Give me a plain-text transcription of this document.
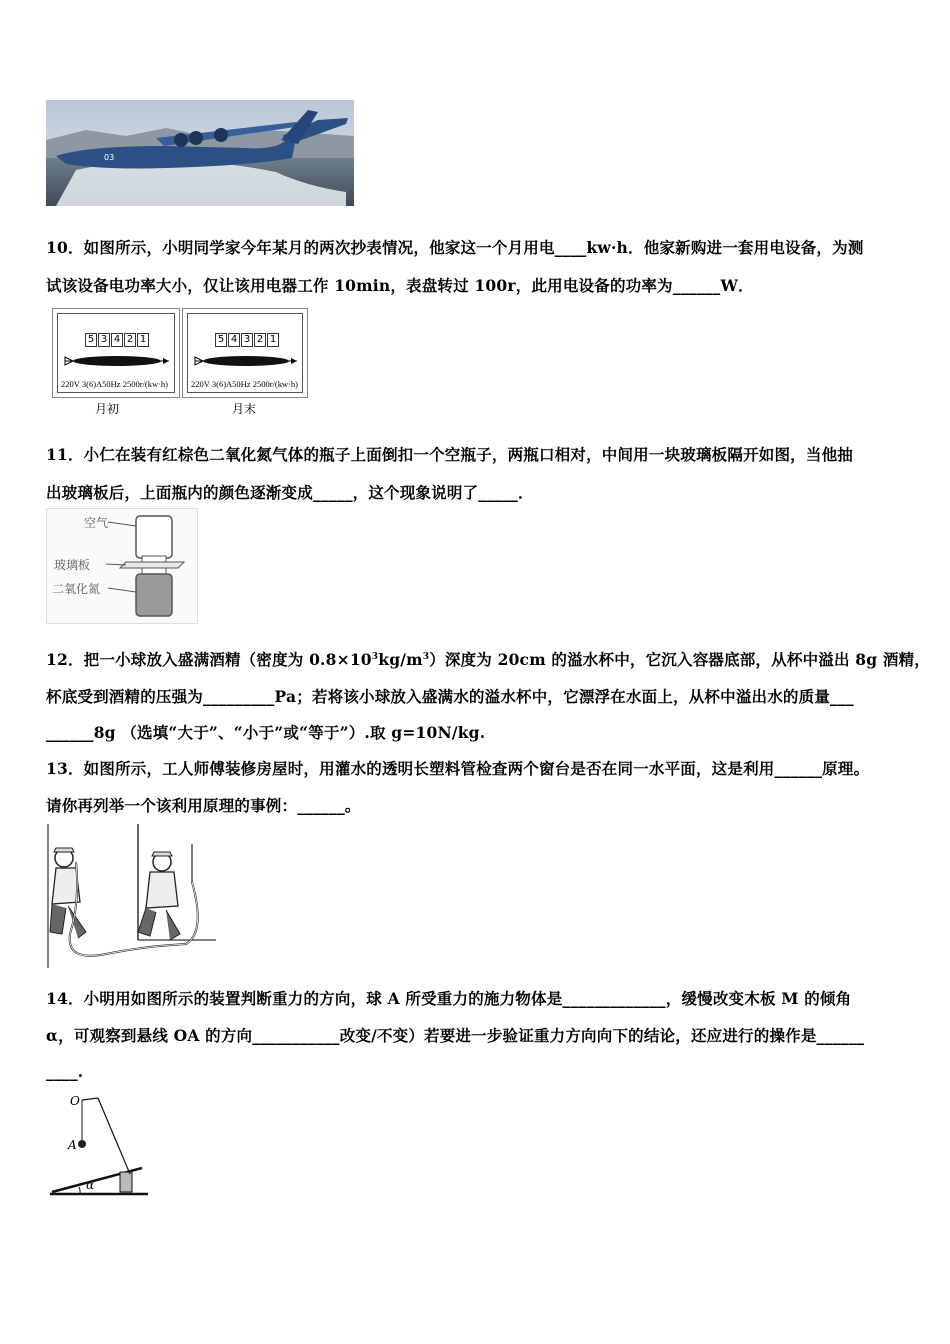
03
10．如图所示，小明同学家今年某月的两次抄表情况，他家这一个月用电____kw·h．他家新购进一套用电设备，为测
试该设备电功率大小，仅让该用电器工作 10min，表盘转过 100r，此用电设备的功率为______W．
5 3 4 2 1
220V 3(6)A50Hz 2500r/(kw·h)
月初
5 4 3 2 1
220V 3(6)A50Hz 2500r/(kw·h)
月末
11．小仁在装有红棕色二氧化氮气体的瓶子上面倒扣一个空瓶子，两瓶口相对，中间用一块玻璃板隔开如图，当他抽
出玻璃板后，上面瓶内的颜色逐渐变成_____，这个现象说明了_____．
空气
玻璃板
二氧化氮
12．把一小球放入盛满酒精（密度为 $0.8\times 10^3kg/m^3$）深度为 20cm 的溢水杯中，它沉入容器底部，从杯中溢出 8g 酒精，
杯底受到酒精的压强为_________Pa；若将该小球放入盛满水的溢水杯中，它漂浮在水面上，从杯中溢出水的质量___
______8g （选填“大于”、“小于”或“等于”）.取 g=10N/kg.
13．如图所示，工人师傅装修房屋时，用灌水的透明长塑料管检查两个窗台是否在同一水平面，这是利用______原理。
请你再列举一个该利用原理的事例：______。
14．小明用如图所示的装置判断重力的方向，球 A 所受重力的施力物体是_____________，缓慢改变木板 M 的倾角
α，可观察到悬线 OA 的方向___________改变/不变）若要进一步验证重力方向向下的结论，还应进行的操作是______
____.
O
A
α
